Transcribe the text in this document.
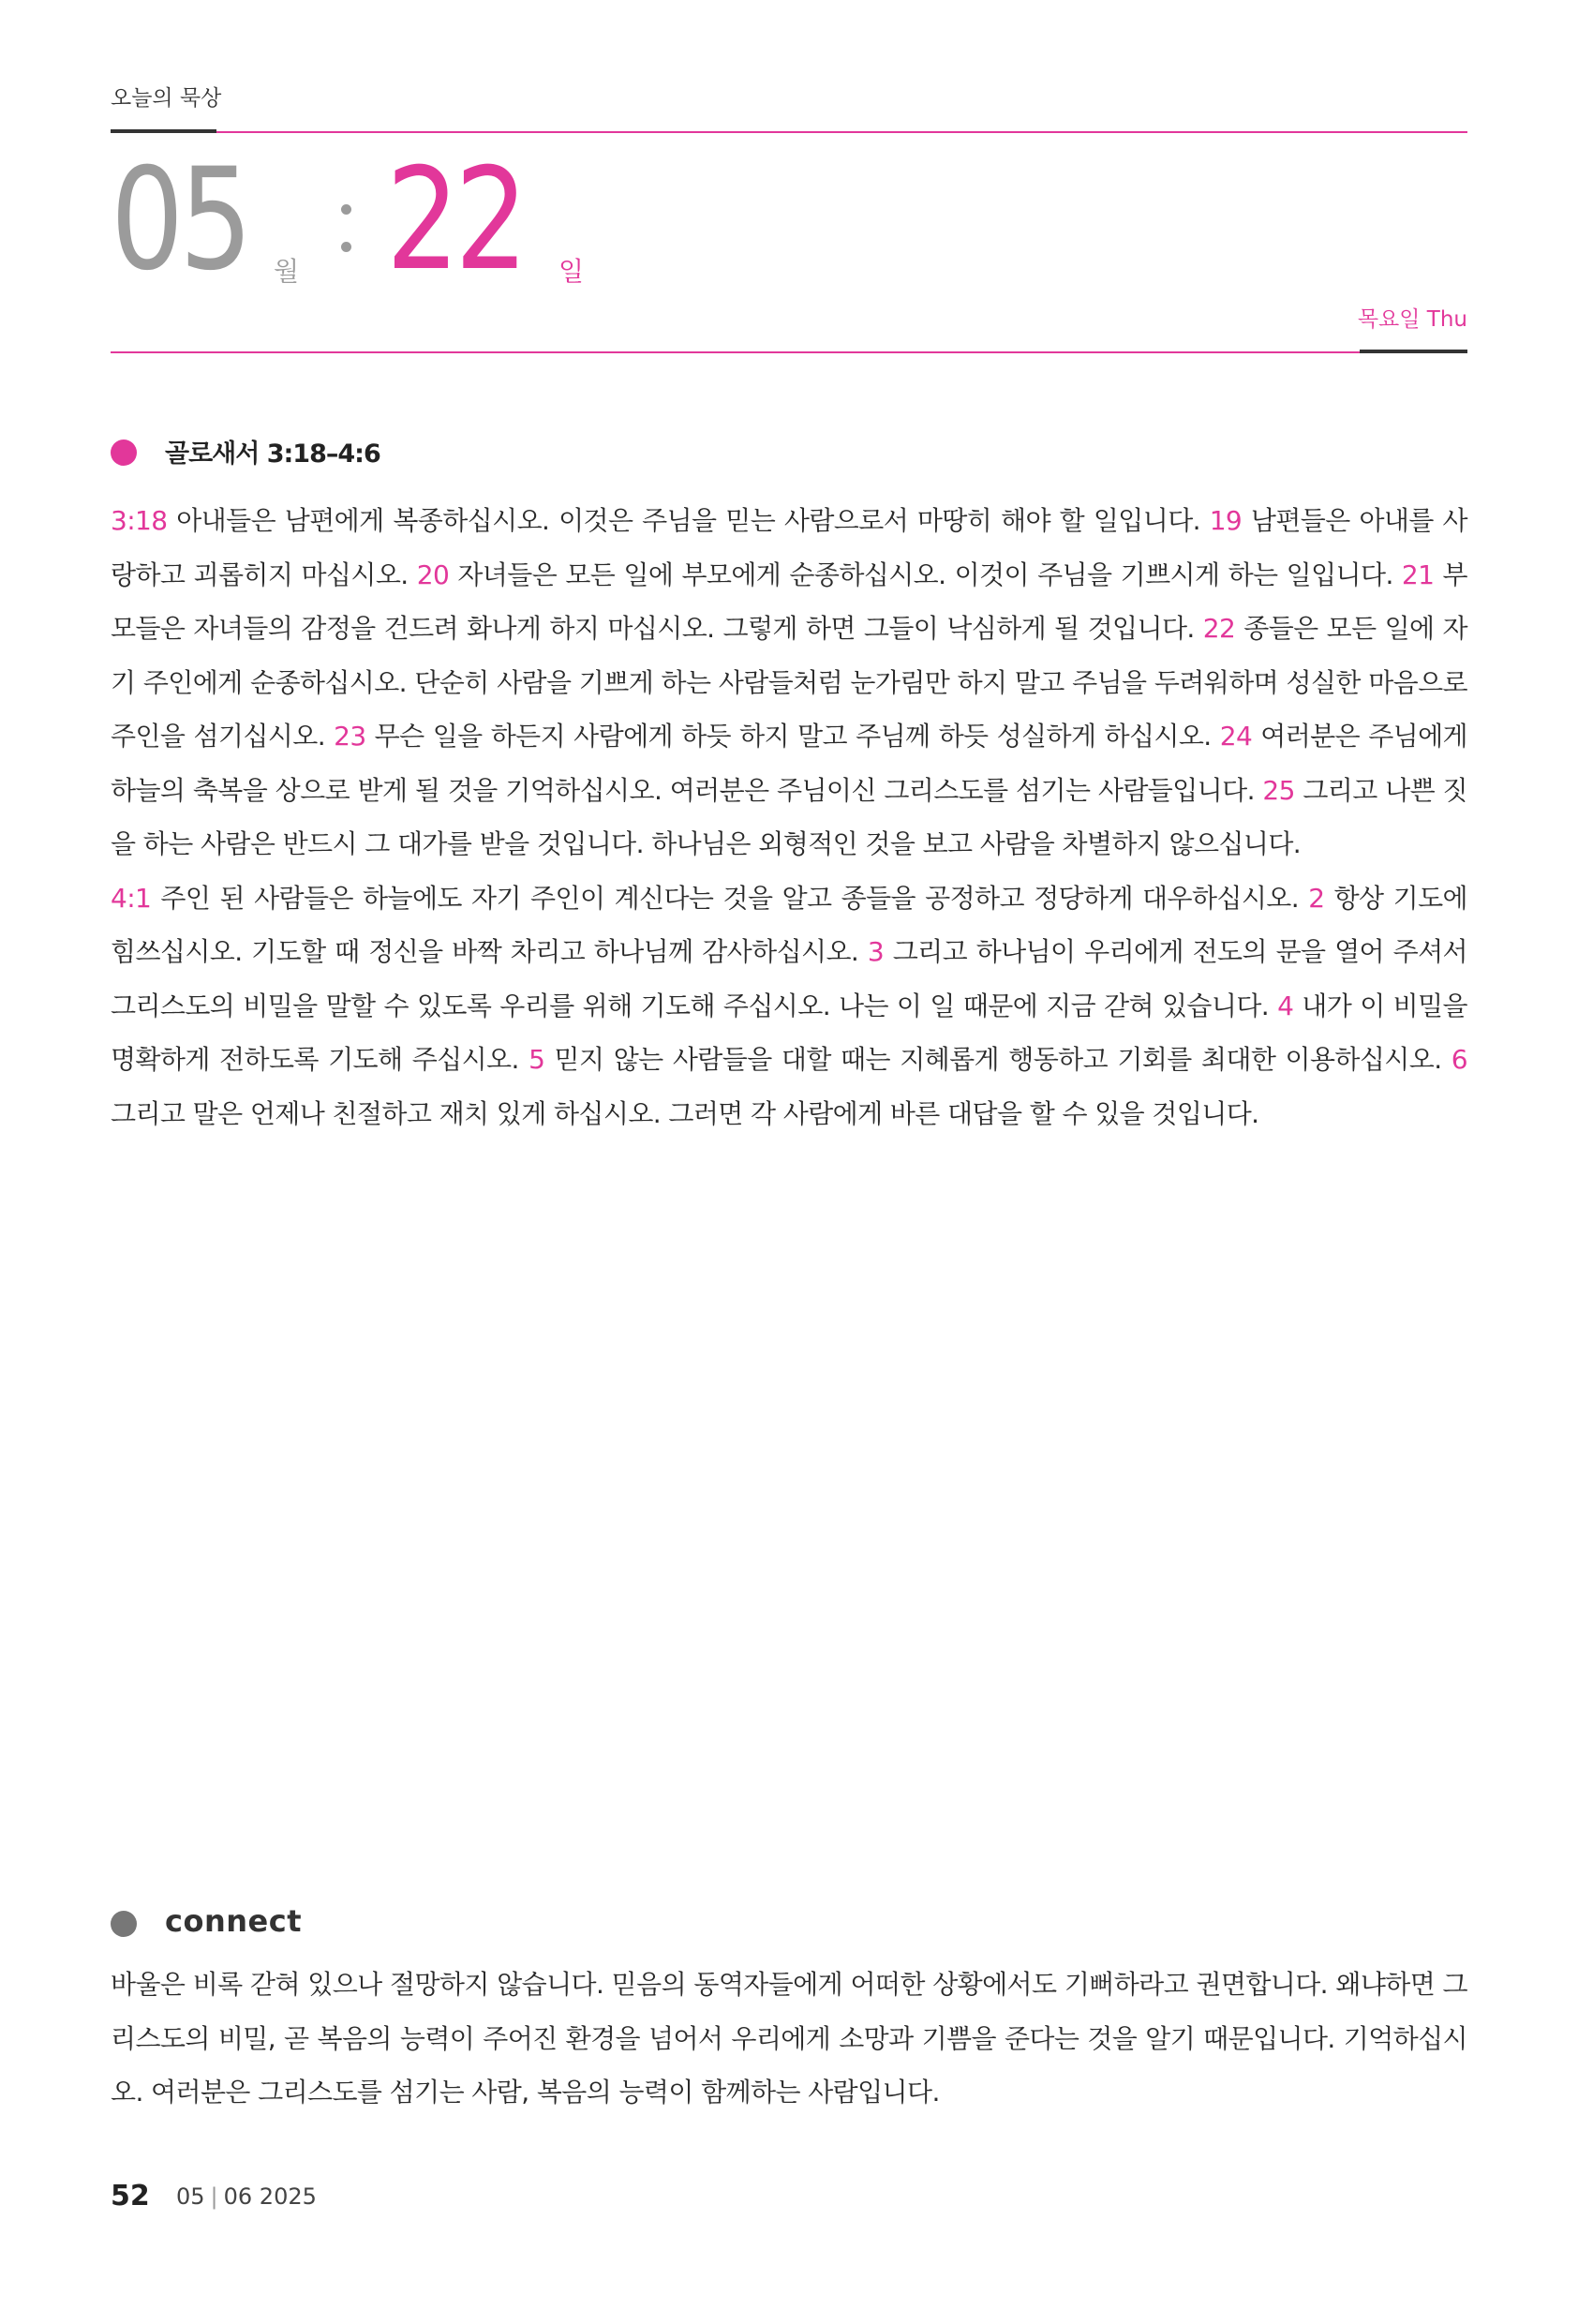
오늘의 묵상
05 월 22 일
목요일 Thu
골로새서 3:18–4:6
3:18 아내들은 남편에게 복종하십시오. 이것은 주님을 믿는 사람으로서 마땅히 해야 할 일입니다. 19 남편들은 아내를 사랑하고 괴롭히지 마십시오. 20 자녀들은 모든 일에 부모에게 순종하십시오. 이것이 주님을 기쁘시게 하는 일입니다. 21 부모들은 자녀들의 감정을 건드려 화나게 하지 마십시오. 그렇게 하면 그들이 낙심하게 될 것입니다. 22 종들은 모든 일에 자기 주인에게 순종하십시오. 단순히 사람을 기쁘게 하는 사람들처럼 눈가림만 하지 말고 주님을 두려워하며 성실한 마음으로 주인을 섬기십시오. 23 무슨 일을 하든지 사람에게 하듯 하지 말고 주님께 하듯 성실하게 하십시오. 24 여러분은 주님에게 하늘의 축복을 상으로 받게 될 것을 기억하십시오. 여러분은 주님이신 그리스도를 섬기는 사람들입니다. 25 그리고 나쁜 짓을 하는 사람은 반드시 그 대가를 받을 것입니다. 하나님은 외형적인 것을 보고 사람을 차별하지 않으십니다.
4:1 주인 된 사람들은 하늘에도 자기 주인이 계신다는 것을 알고 종들을 공정하고 정당하게 대우하십시오. 2 항상 기도에 힘쓰십시오. 기도할 때 정신을 바짝 차리고 하나님께 감사하십시오. 3 그리고 하나님이 우리에게 전도의 문을 열어 주셔서 그리스도의 비밀을 말할 수 있도록 우리를 위해 기도해 주십시오. 나는 이 일 때문에 지금 갇혀 있습니다. 4 내가 이 비밀을 명확하게 전하도록 기도해 주십시오. 5 믿지 않는 사람들을 대할 때는 지혜롭게 행동하고 기회를 최대한 이용하십시오. 6 그리고 말은 언제나 친절하고 재치 있게 하십시오. 그러면 각 사람에게 바른 대답을 할 수 있을 것입니다.
connect
바울은 비록 갇혀 있으나 절망하지 않습니다. 믿음의 동역자들에게 어떠한 상황에서도 기뻐하라고 권면합니다. 왜냐하면 그리스도의 비밀, 곧 복음의 능력이 주어진 환경을 넘어서 우리에게 소망과 기쁨을 준다는 것을 알기 때문입니다. 기억하십시오. 여러분은 그리스도를 섬기는 사람, 복음의 능력이 함께하는 사람입니다.
52 05 | 06 2025
